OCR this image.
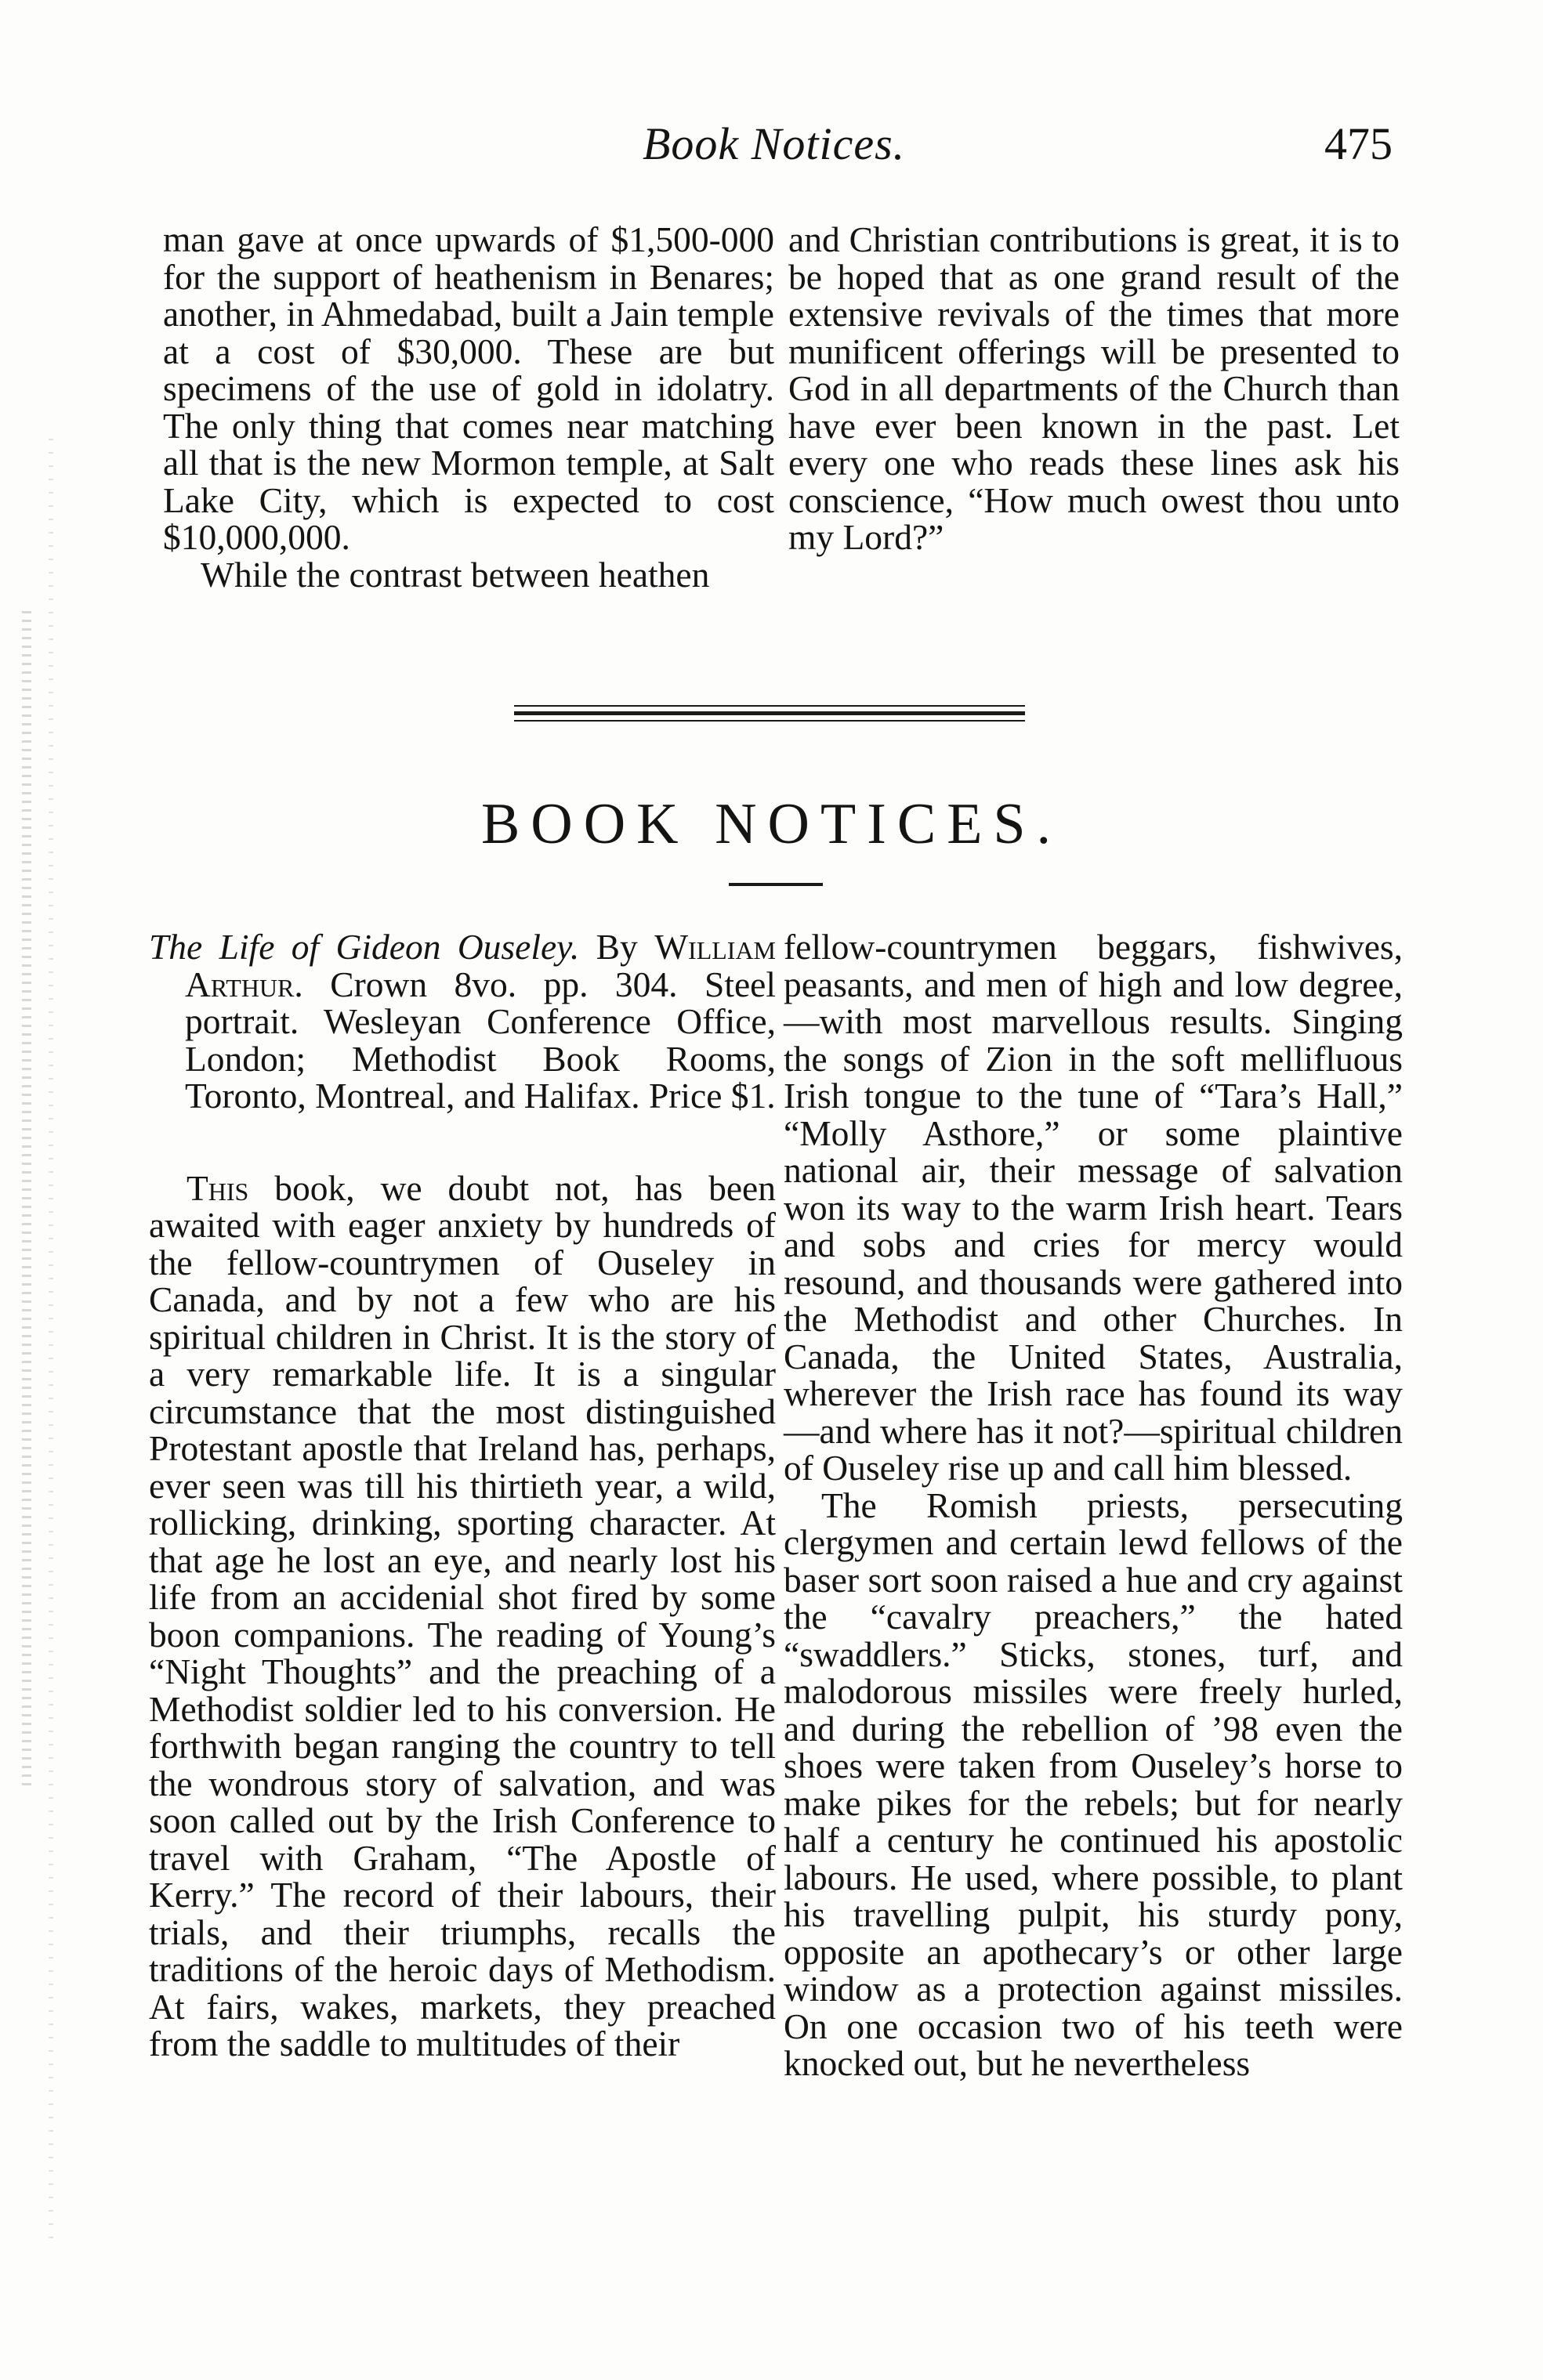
Book Notices.	475

man gave at once upwards of $1,500-000 for the support of heathenism in Benares; another, in Ahmedabad, built a Jain temple at a cost of $30,000. These are but specimens of the use of gold in idolatry. The only thing that comes near matching all that is the new Mormon temple, at Salt Lake City, which is expected to cost $10,000,000.

While the contrast between heathen

and Christian contributions is great, it is to be hoped that as one grand result of the extensive revivals of the times that more munificent offerings will be presented to God in all departments of the Church than have ever been known in the past. Let every one who reads these lines ask his conscience, “How much owest thou unto my Lord?”

BOOK NOTICES.

The Life of Gideon Ouseley. By William Arthur. Crown 8vo. pp. 304. Steel portrait. Wesleyan Conference Office, London; Methodist Book Rooms, Toronto, Montreal, and Halifax. Price $1.

This book, we doubt not, has been awaited with eager anxiety by hundreds of the fellow-countrymen of Ouseley in Canada, and by not a few who are his spiritual children in Christ. It is the story of a very remarkable life. It is a singular circumstance that the most distinguished Protestant apostle that Ireland has, perhaps, ever seen was till his thirtieth year, a wild, rollicking, drinking, sporting character. At that age he lost an eye, and nearly lost his life from an accidenial shot fired by some boon companions. The reading of Young’s “Night Thoughts” and the preaching of a Methodist soldier led to his conversion. He forthwith began ranging the country to tell the wondrous story of salvation, and was soon called out by the Irish Conference to travel with Graham, “The Apostle of Kerry.” The record of their labours, their trials, and their triumphs, recalls the traditions of the heroic days of Methodism. At fairs, wakes, markets, they preached from the saddle to multitudes of their

fellow-countrymen beggars, fishwives, peasants, and men of high and low degree,—with most marvellous results. Singing the songs of Zion in the soft mellifluous Irish tongue to the tune of “Tara’s Hall,” “Molly Asthore,” or some plaintive national air, their message of salvation won its way to the warm Irish heart. Tears and sobs and cries for mercy would resound, and thousands were gathered into the Methodist and other Churches. In Canada, the United States, Australia, wherever the Irish race has found its way—and where has it not?—spiritual children of Ouseley rise up and call him blessed.

The Romish priests, persecuting clergymen and certain lewd fellows of the baser sort soon raised a hue and cry against the “cavalry preachers,” the hated “swaddlers.” Sticks, stones, turf, and malodorous missiles were freely hurled, and during the rebellion of ’98 even the shoes were taken from Ouseley’s horse to make pikes for the rebels; but for nearly half a century he continued his apostolic labours. He used, where possible, to plant his travelling pulpit, his sturdy pony, opposite an apothecary’s or other large window as a protection against missiles. On one occasion two of his teeth were knocked out, but he nevertheless
